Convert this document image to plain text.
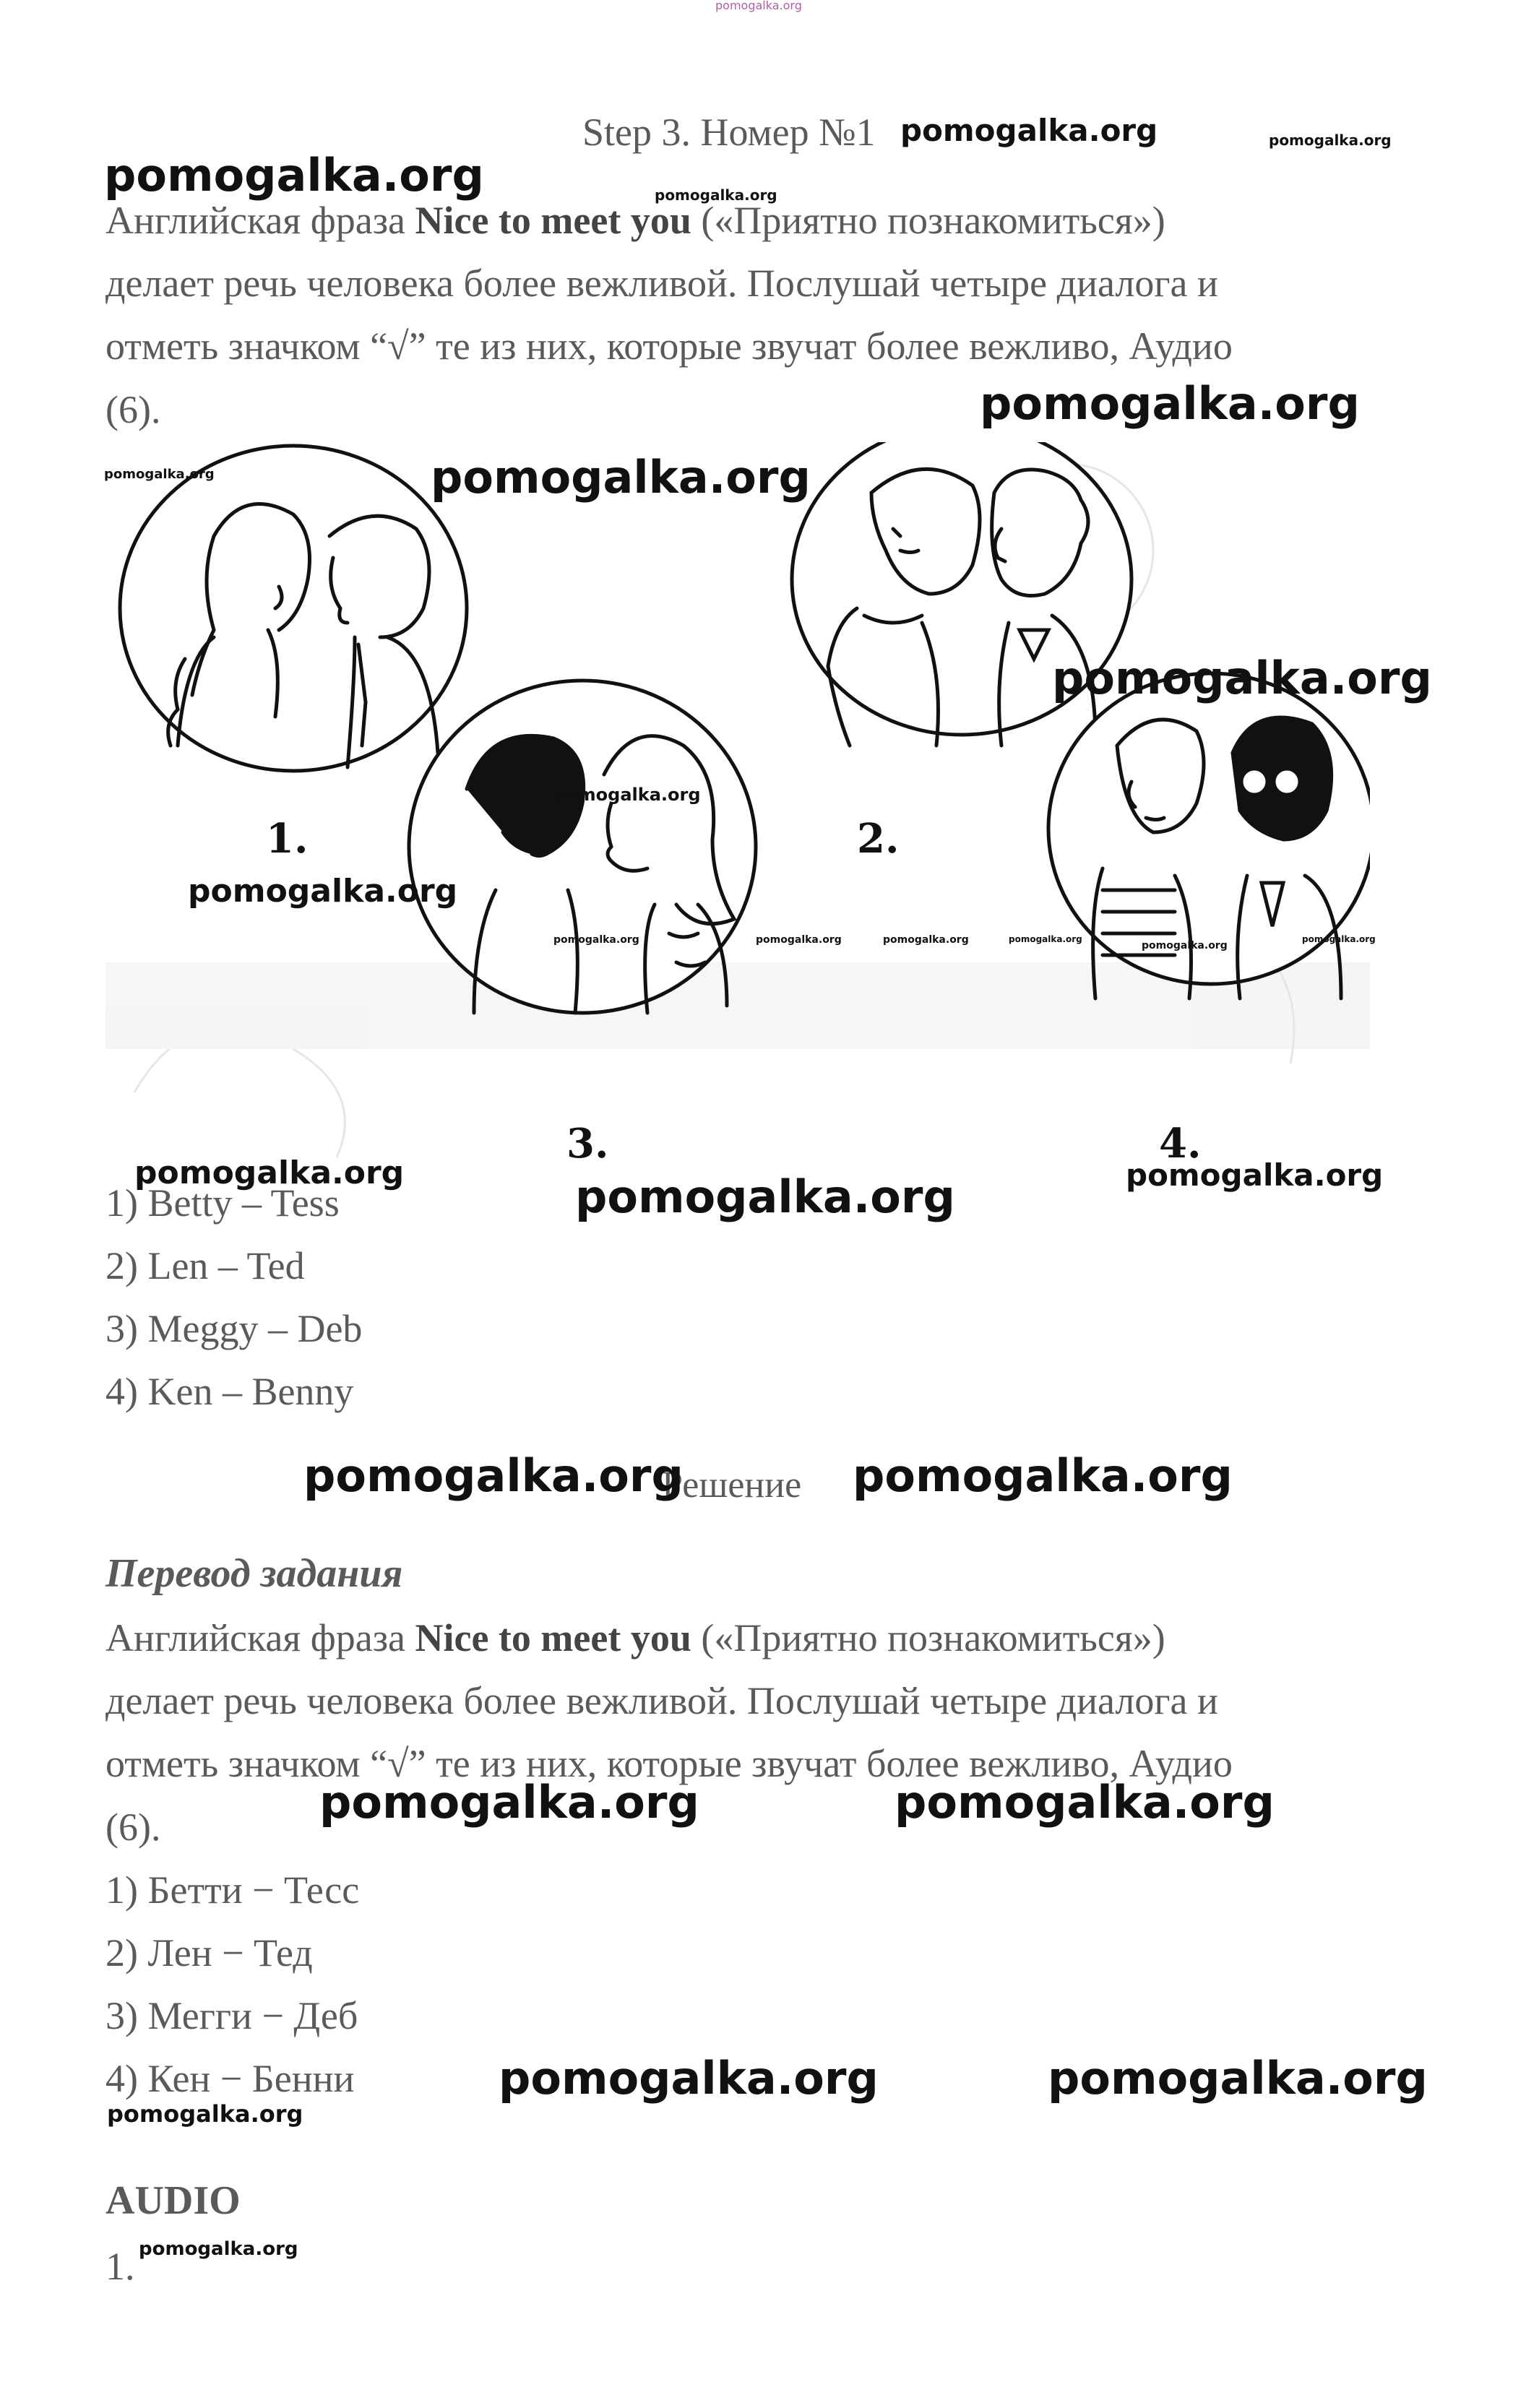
pomogalka.org
Step 3. Номер №1
Английская фраза Nice to meet you («Приятно познакомиться»)
делает речь человека более вежливой. Послушай четыре диалога и
отметь значком “√” те из них, которые звучат более вежливо, Аудио
(6).
1.	2.
3.	4.
1) Betty – Tess
2) Len – Ted
3) Meggy – Deb
4) Ken – Benny
Решение
Перевод задания
Английская фраза Nice to meet you («Приятно познакомиться»)
делает речь человека более вежливой. Послушай четыре диалога и
отметь значком “√” те из них, которые звучат более вежливо, Аудио
(6).
1) Бетти − Тесс
2) Лен − Тед
3) Мегги − Деб
4) Кен − Бенни
AUDIO
1.
pomogalka.org
pomogalka.org	pomogalka.org
pomogalka.org
pomogalka.org
pomogalka.org	pomogalka.org
pomogalka.org
pomogalka.org
pomogalka.org
pomogalka.org	pomogalka.org	pomogalka.org	pomogalka.org
pomogalka.org
pomogalka.org
pomogalka.org	pomogalka.org	pomogalka.org
pomogalka.org	pomogalka.org
pomogalka.org	pomogalka.org
pomogalka.org	pomogalka.org
pomogalka.org
pomogalka.org
